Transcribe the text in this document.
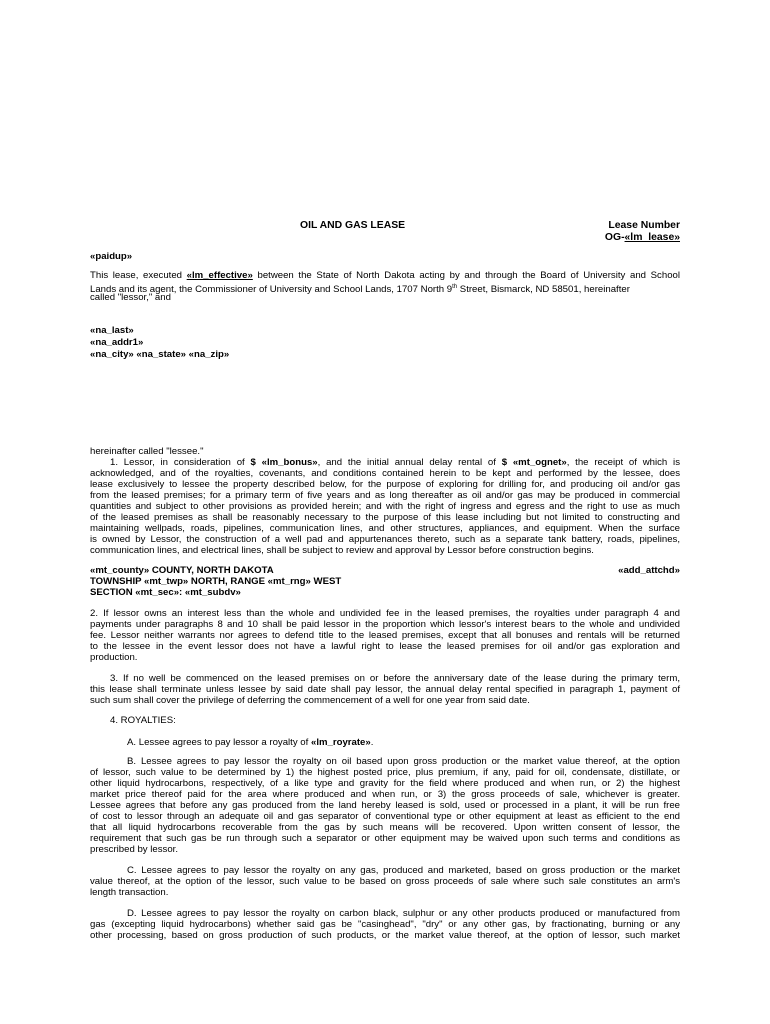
OIL AND GAS LEASE	Lease Number
OG-«lm_lease»
«paidup»
This lease, executed «lm_effective» between the State of North Dakota acting by and through the Board of University and School
Lands and its agent, the Commissioner of University and School Lands, 1707 North 9th Street, Bismarck, ND 58501, hereinafter
called "lessor," and
«na_last»
«na_addr1»
«na_city» «na_state» «na_zip»
hereinafter called "lessee."
1. Lessor, in consideration of $ «lm_bonus», and the initial annual delay rental of $ «mt_ognet», the receipt of which is
acknowledged, and of the royalties, covenants, and conditions contained herein to be kept and performed by the lessee, does
lease exclusively to lessee the property described below, for the purpose of exploring for drilling for, and producing oil and/or gas
from the leased premises; for a primary term of five years and as long thereafter as oil and/or gas may be produced in commercial
quantities and subject to other provisions as provided herein; and with the right of ingress and egress and the right to use as much
of the leased premises as shall be reasonably necessary to the purpose of this lease including but not limited to constructing and
maintaining wellpads, roads, pipelines, communication lines, and other structures, appliances, and equipment. When the surface
is owned by Lessor, the construction of a well pad and appurtenances thereto, such as a separate tank battery, roads, pipelines,
communication lines, and electrical lines, shall be subject to review and approval by Lessor before construction begins.
«mt_county» COUNTY, NORTH DAKOTA	«add_attchd»
TOWNSHIP «mt_twp» NORTH, RANGE «mt_rng» WEST
SECTION «mt_sec»: «mt_subdv»
2. If lessor owns an interest less than the whole and undivided fee in the leased premises, the royalties under paragraph 4 and
payments under paragraphs 8 and 10 shall be paid lessor in the proportion which lessor's interest bears to the whole and undivided
fee. Lessor neither warrants nor agrees to defend title to the leased premises, except that all bonuses and rentals will be returned
to the lessee in the event lessor does not have a lawful right to lease the leased premises for oil and/or gas exploration and
production.
3. If no well be commenced on the leased premises on or before the anniversary date of the lease during the primary term,
this lease shall terminate unless lessee by said date shall pay lessor, the annual delay rental specified in paragraph 1, payment of
such sum shall cover the privilege of deferring the commencement of a well for one year from said date.
4. ROYALTIES:
A. Lessee agrees to pay lessor a royalty of «lm_royrate».
B. Lessee agrees to pay lessor the royalty on oil based upon gross production or the market value thereof, at the option
of lessor, such value to be determined by 1) the highest posted price, plus premium, if any, paid for oil, condensate, distillate, or
other liquid hydrocarbons, respectively, of a like type and gravity for the field where produced and when run, or 2) the highest
market price thereof paid for the area where produced and when run, or 3) the gross proceeds of sale, whichever is greater.
Lessee agrees that before any gas produced from the land hereby leased is sold, used or processed in a plant, it will be run free
of cost to lessor through an adequate oil and gas separator of conventional type or other equipment at least as efficient to the end
that all liquid hydrocarbons recoverable from the gas by such means will be recovered. Upon written consent of lessor, the
requirement that such gas be run through such a separator or other equipment may be waived upon such terms and conditions as
prescribed by lessor.
C. Lessee agrees to pay lessor the royalty on any gas, produced and marketed, based on gross production or the market
value thereof, at the option of the lessor, such value to be based on gross proceeds of sale where such sale constitutes an arm's
length transaction.
D. Lessee agrees to pay lessor the royalty on carbon black, sulphur or any other products produced or manufactured from
gas (excepting liquid hydrocarbons) whether said gas be "casinghead", "dry" or any other gas, by fractionating, burning or any
other processing, based on gross production of such products, or the market value thereof, at the option of lessor, such market
